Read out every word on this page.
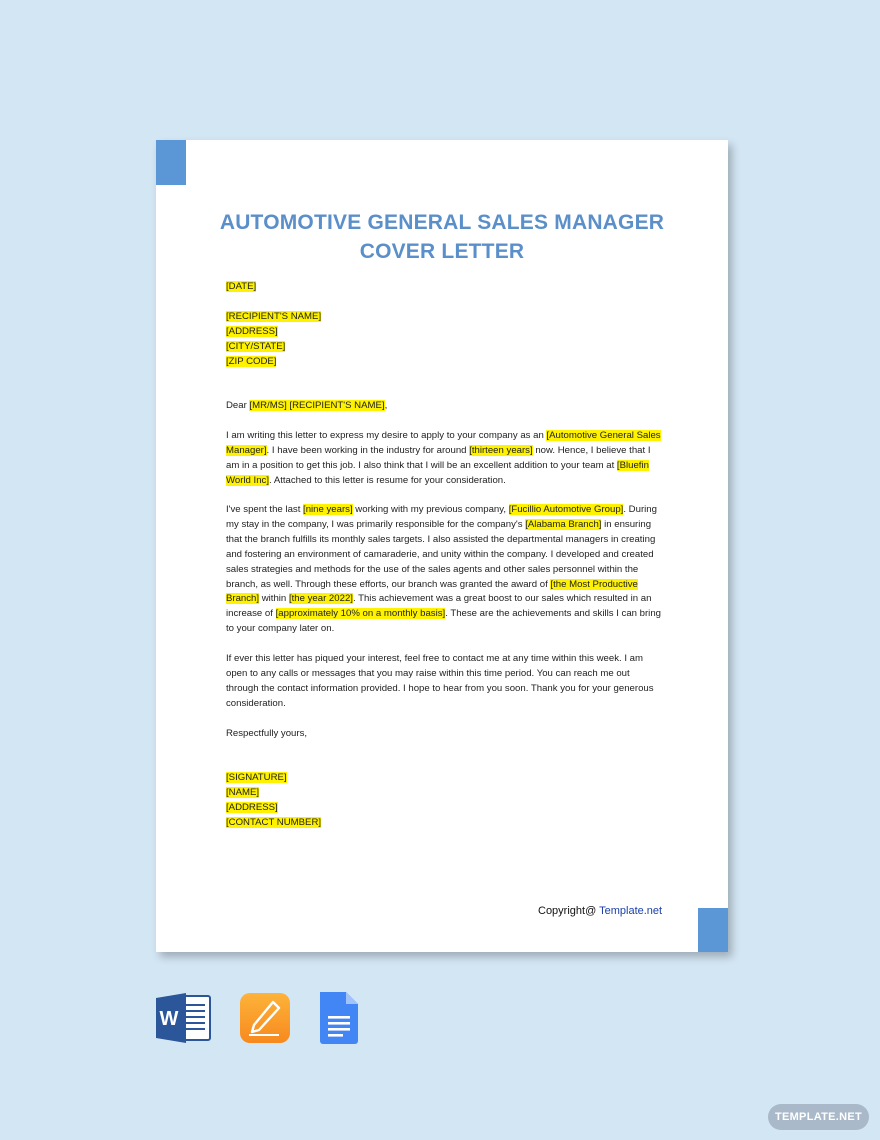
AUTOMOTIVE GENERAL SALES MANAGER
COVER LETTER
[DATE]
[RECIPIENT'S NAME]
[ADDRESS]
[CITY/STATE]
[ZIP CODE]
Dear [MR/MS] [RECIPIENT'S NAME],

I am writing this letter to express my desire to apply to your company as an [Automotive General Sales Manager]. I have been working in the industry for around [thirteen years] now. Hence, I believe that I am in a position to get this job. I also think that I will be an excellent addition to your team at [Bluefin World Inc]. Attached to this letter is resume for your consideration.

I've spent the last [nine years] working with my previous company, [Fucillio Automotive Group]. During my stay in the company, I was primarily responsible for the company's [Alabama Branch] in ensuring that the branch fulfills its monthly sales targets. I also assisted the departmental managers in creating and fostering an environment of camaraderie, and unity within the company. I developed and created sales strategies and methods for the use of the sales agents and other sales personnel within the branch, as well. Through these efforts, our branch was granted the award of [the Most Productive Branch] within [the year 2022]. This achievement was a great boost to our sales which resulted in an increase of [approximately 10% on a monthly basis]. These are the achievements and skills I can bring to your company later on.

If ever this letter has piqued your interest, feel free to contact me at any time within this week. I am open to any calls or messages that you may raise within this time period. You can reach me out through the contact information provided. I hope to hear from you soon. Thank you for your generous consideration.

Respectfully yours,
[SIGNATURE]
[NAME]
[ADDRESS]
[CONTACT NUMBER]
Copyright@ Template.net
W
TEMPLATE.NET
